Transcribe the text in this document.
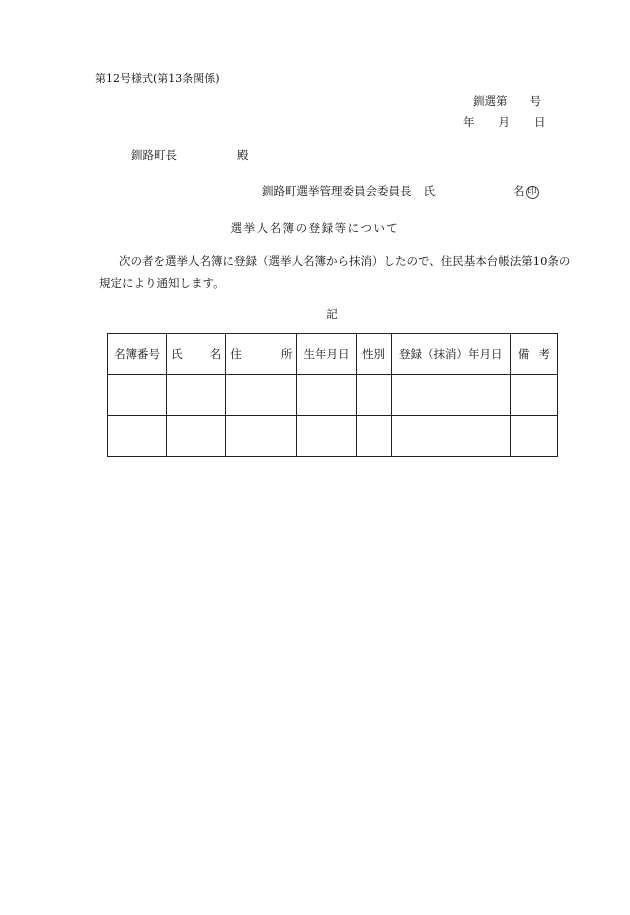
第12号様式(第13条関係)
釧選第 号
年 月 日
釧路町長	殿
釧路町選挙管理委員会委員長 氏	名 印
選挙人名簿の登録等について
次の者を選挙人名簿に登録（選挙人名簿から抹消）したので、住民基本台帳法第10条の規定により通知します。
記
名簿番号	氏 名	住 所	生年月日	性別	登録（抹消）年月日	備 考
